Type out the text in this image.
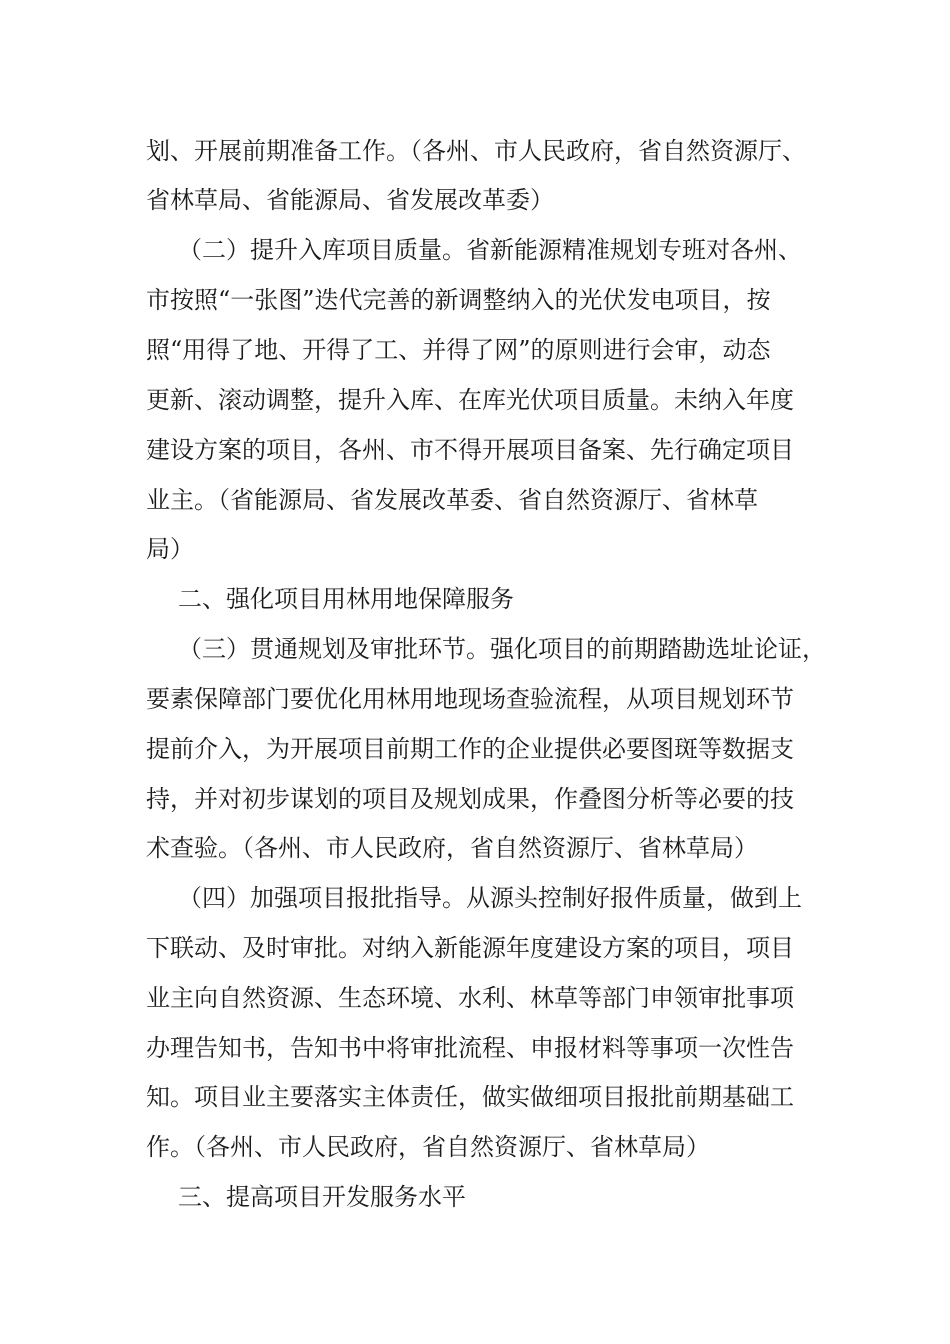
划、开展前期准备工作。（各州、市人民政府，省自然资源厅、
省林草局、省能源局、省发展改革委）
（二）提升入库项目质量。省新能源精准规划专班对各州、
市按照“一张图”迭代完善的新调整纳入的光伏发电项目，按
照“用得了地、开得了工、并得了网”的原则进行会审，动态
更新、滚动调整，提升入库、在库光伏项目质量。未纳入年度
建设方案的项目，各州、市不得开展项目备案、先行确定项目
业主。（省能源局、省发展改革委、省自然资源厅、省林草
局）
二、强化项目用林用地保障服务
（三）贯通规划及审批环节。强化项目的前期踏勘选址论证，
要素保障部门要优化用林用地现场查验流程，从项目规划环节
提前介入，为开展项目前期工作的企业提供必要图斑等数据支
持，并对初步谋划的项目及规划成果，作叠图分析等必要的技
术查验。（各州、市人民政府，省自然资源厅、省林草局）
（四）加强项目报批指导。从源头控制好报件质量，做到上
下联动、及时审批。对纳入新能源年度建设方案的项目，项目
业主向自然资源、生态环境、水利、林草等部门申领审批事项
办理告知书，告知书中将审批流程、申报材料等事项一次性告
知。项目业主要落实主体责任，做实做细项目报批前期基础工
作。（各州、市人民政府，省自然资源厅、省林草局）
三、提高项目开发服务水平
